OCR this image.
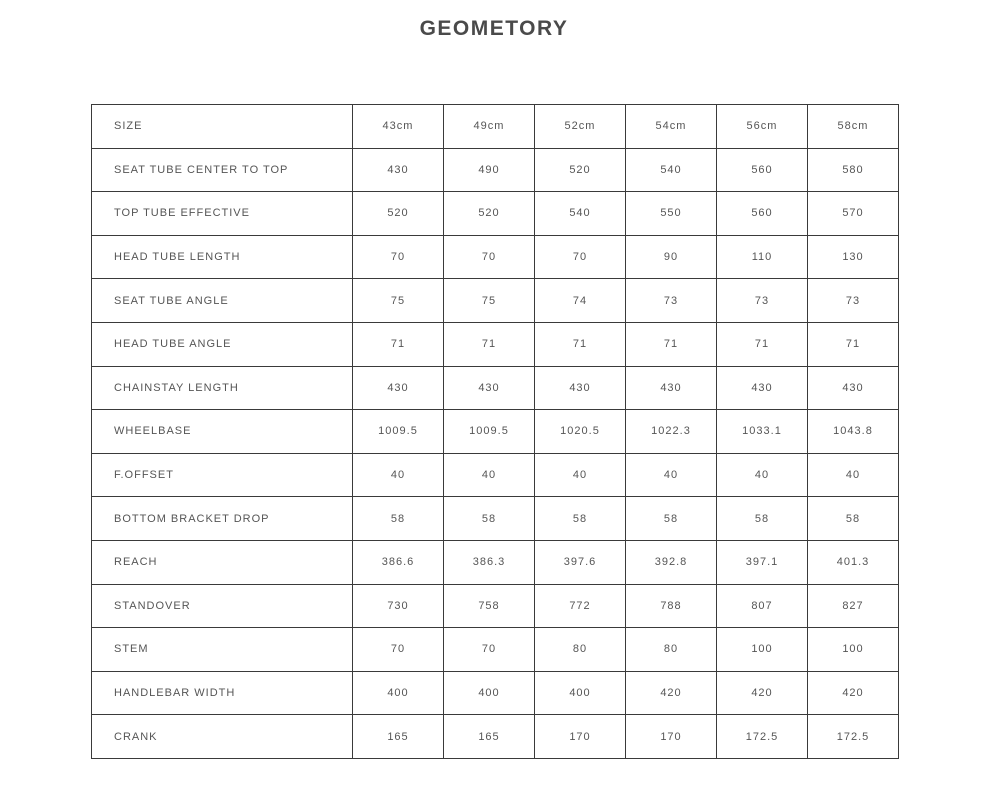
GEOMETORY
SIZE	43cm	49cm	52cm	54cm	56cm	58cm
SEAT TUBE CENTER TO TOP	430	490	520	540	560	580
TOP TUBE EFFECTIVE	520	520	540	550	560	570
HEAD TUBE LENGTH	70	70	70	90	110	130
SEAT TUBE ANGLE	75	75	74	73	73	73
HEAD TUBE ANGLE	71	71	71	71	71	71
CHAINSTAY LENGTH	430	430	430	430	430	430
WHEELBASE	1009.5	1009.5	1020.5	1022.3	1033.1	1043.8
F.OFFSET	40	40	40	40	40	40
BOTTOM BRACKET DROP	58	58	58	58	58	58
REACH	386.6	386.3	397.6	392.8	397.1	401.3
STANDOVER	730	758	772	788	807	827
STEM	70	70	80	80	100	100
HANDLEBAR WIDTH	400	400	400	420	420	420
CRANK	165	165	170	170	172.5	172.5
